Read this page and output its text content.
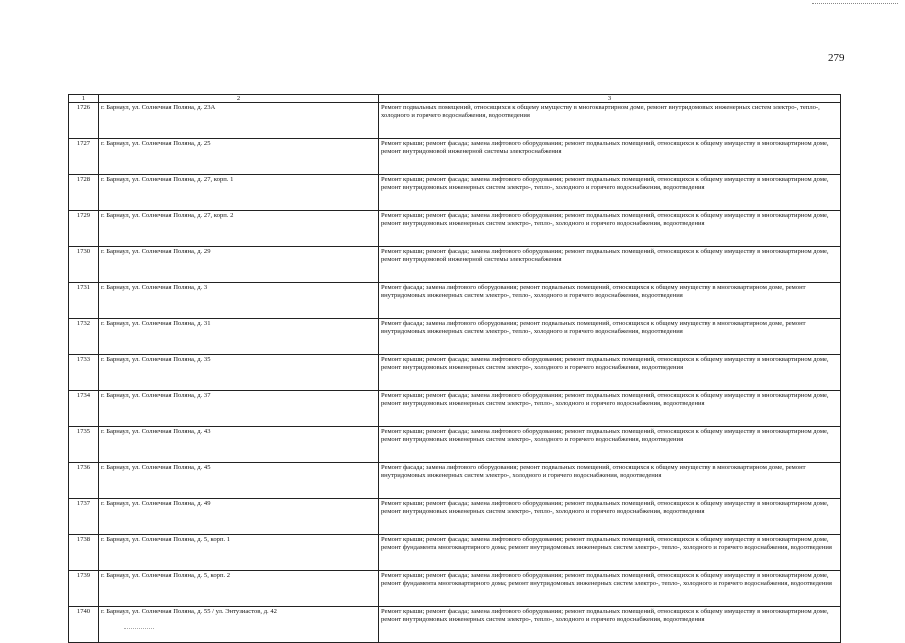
279
1	2	3
1726	г. Барнаул, ул. Солнечная Поляна, д. 23А	Ремонт подвальных помещений, относящихся к общему имуществу в многоквартирном доме, ремонт внутридомовых инженерных систем электро-, тепло-, холодного и горячего водоснабжения, водоотведения
1727	г. Барнаул, ул. Солнечная Поляна, д. 25	Ремонт крыши; ремонт фасада; замена лифтового оборудования; ремонт подвальных помещений, относящихся к общему имуществу в многоквартирном доме, ремонт внутридомовой инженерной системы электроснабжения
1728	г. Барнаул, ул. Солнечная Поляна, д. 27, корп. 1	Ремонт крыши; ремонт фасада; замена лифтового оборудования; ремонт подвальных помещений, относящихся к общему имуществу в многоквартирном доме, ремонт внутридомовых инженерных систем электро-, тепло-, холодного и горячего водоснабжения, водоотведения
1729	г. Барнаул, ул. Солнечная Поляна, д. 27, корп. 2	Ремонт крыши; ремонт фасада; замена лифтового оборудования; ремонт подвальных помещений, относящихся к общему имуществу в многоквартирном доме, ремонт внутридомовых инженерных систем электро-, тепло-, холодного и горячего водоснабжения, водоотведения
1730	г. Барнаул, ул. Солнечная Поляна, д. 29	Ремонт крыши; ремонт фасада; замена лифтового оборудования; ремонт подвальных помещений, относящихся к общему имуществу в многоквартирном доме, ремонт внутридомовой инженерной системы электроснабжения
1731	г. Барнаул, ул. Солнечная Поляна, д. 3	Ремонт фасада; замена лифтового оборудования; ремонт подвальных помещений, относящихся к общему имуществу в многоквартирном доме, ремонт внутридомовых инженерных систем электро-, тепло-, холодного и горячего водоснабжения, водоотведения
1732	г. Барнаул, ул. Солнечная Поляна, д. 31	Ремонт фасада; замена лифтового оборудования; ремонт подвальных помещений, относящихся к общему имуществу в многоквартирном доме, ремонт внутридомовых инженерных систем электро-, тепло-, холодного и горячего водоснабжения, водоотведения
1733	г. Барнаул, ул. Солнечная Поляна, д. 35	Ремонт крыши; ремонт фасада; замена лифтового оборудования; ремонт подвальных помещений, относящихся к общему имуществу в многоквартирном доме, ремонт внутридомовых инженерных систем электро-, холодного и горячего водоснабжения, водоотведения
1734	г. Барнаул, ул. Солнечная Поляна, д. 37	Ремонт крыши; ремонт фасада; замена лифтового оборудования; ремонт подвальных помещений, относящихся к общему имуществу в многоквартирном доме, ремонт внутридомовых инженерных систем электро-, тепло-, холодного и горячего водоснабжения, водоотведения
1735	г. Барнаул, ул. Солнечная Поляна, д. 43	Ремонт крыши; ремонт фасада; замена лифтового оборудования; ремонт подвальных помещений, относящихся к общему имуществу в многоквартирном доме, ремонт внутридомовых инженерных систем электро-, холодного и горячего водоснабжения, водоотведения
1736	г. Барнаул, ул. Солнечная Поляна, д. 45	Ремонт фасада; замена лифтового оборудования; ремонт подвальных помещений, относящихся к общему имуществу в многоквартирном доме, ремонт внутридомовых инженерных систем электро-, холодного и горячего водоснабжения, водоотведения
1737	г. Барнаул, ул. Солнечная Поляна, д. 49	Ремонт крыши; ремонт фасада; замена лифтового оборудования; ремонт подвальных помещений, относящихся к общему имуществу в многоквартирном доме, ремонт внутридомовых инженерных систем электро-, тепло-, холодного и горячего водоснабжения, водоотведения
1738	г. Барнаул, ул. Солнечная Поляна, д. 5, корп. 1	Ремонт крыши; ремонт фасада; замена лифтового оборудования; ремонт подвальных помещений, относящихся к общему имуществу в многоквартирном доме, ремонт фундамента многоквартирного дома; ремонт внутридомовых инженерных систем электро-, тепло-, холодного и горячего водоснабжения, водоотведения
1739	г. Барнаул, ул. Солнечная Поляна, д. 5, корп. 2	Ремонт крыши; ремонт фасада; замена лифтового оборудования; ремонт подвальных помещений, относящихся к общему имуществу в многоквартирном доме, ремонт фундамента многоквартирного дома; ремонт внутридомовых инженерных систем электро-, тепло-, холодного и горячего водоснабжения, водоотведения
1740	г. Барнаул, ул. Солнечная Поляна, д. 55 / ул. Энтузиастов, д. 42	Ремонт крыши; ремонт фасада; замена лифтового оборудования; ремонт подвальных помещений, относящихся к общему имуществу в многоквартирном доме, ремонт внутридомовых инженерных систем электро-, тепло-, холодного и горячего водоснабжения, водоотведения
